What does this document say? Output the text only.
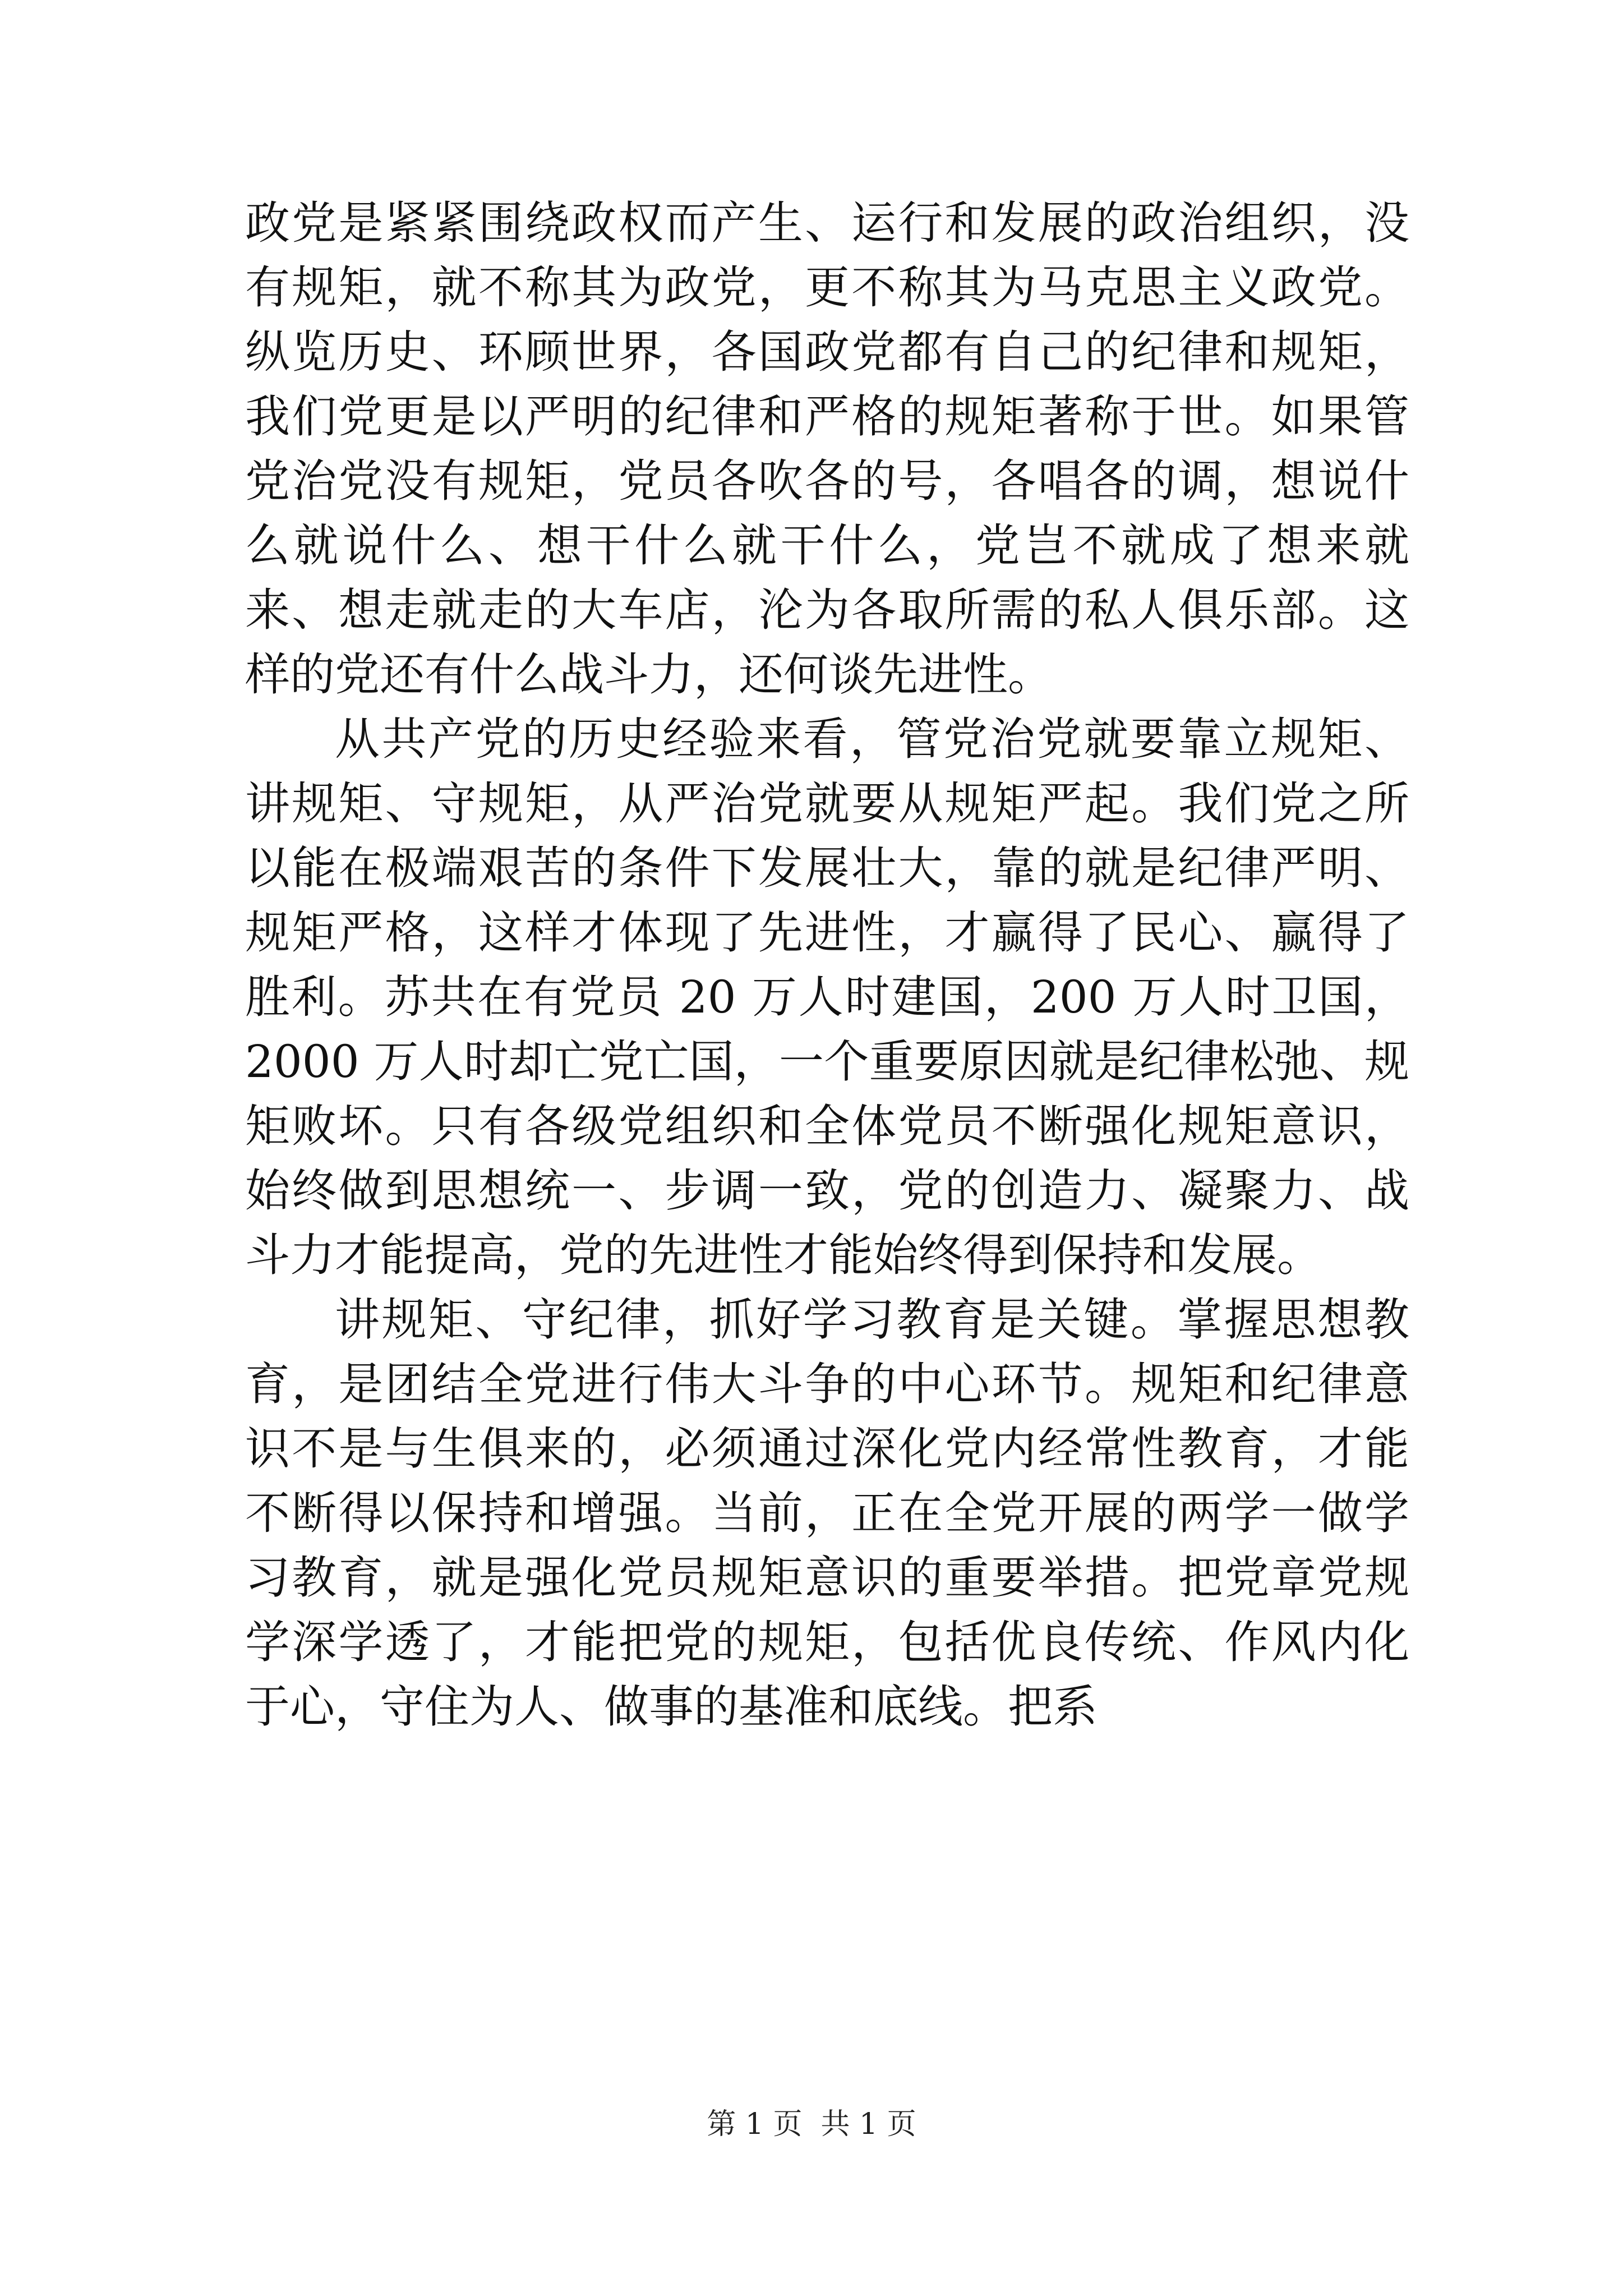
政党是紧紧围绕政权而产生、运行和发展的政治组织，没有规矩，就不称其为政党，更不称其为马克思主义政党。纵览历史、环顾世界，各国政党都有自己的纪律和规矩，我们党更是以严明的纪律和严格的规矩著称于世。如果管党治党没有规矩，党员各吹各的号，各唱各的调，想说什么就说什么、想干什么就干什么，党岂不就成了想来就来、想走就走的大车店，沦为各取所需的私人俱乐部。这样的党还有什么战斗力，还何谈先进性。

从共产党的历史经验来看，管党治党就要靠立规矩、讲规矩、守规矩，从严治党就要从规矩严起。我们党之所以能在极端艰苦的条件下发展壮大，靠的就是纪律严明、规矩严格，这样才体现了先进性，才赢得了民心、赢得了胜利。苏共在有党员 20 万人时建国，200 万人时卫国，2000 万人时却亡党亡国，一个重要原因就是纪律松弛、规矩败坏。只有各级党组织和全体党员不断强化规矩意识，始终做到思想统一、步调一致，党的创造力、凝聚力、战斗力才能提高，党的先进性才能始终得到保持和发展。

讲规矩、守纪律，抓好学习教育是关键。掌握思想教育，是团结全党进行伟大斗争的中心环节。规矩和纪律意识不是与生俱来的，必须通过深化党内经常性教育，才能不断得以保持和增强。当前，正在全党开展的两学一做学习教育，就是强化党员规矩意识的重要举措。把党章党规学深学透了，才能把党的规矩，包括优良传统、作风内化于心，守住为人、做事的基准和底线。把系

第 1 页  共 1 页
